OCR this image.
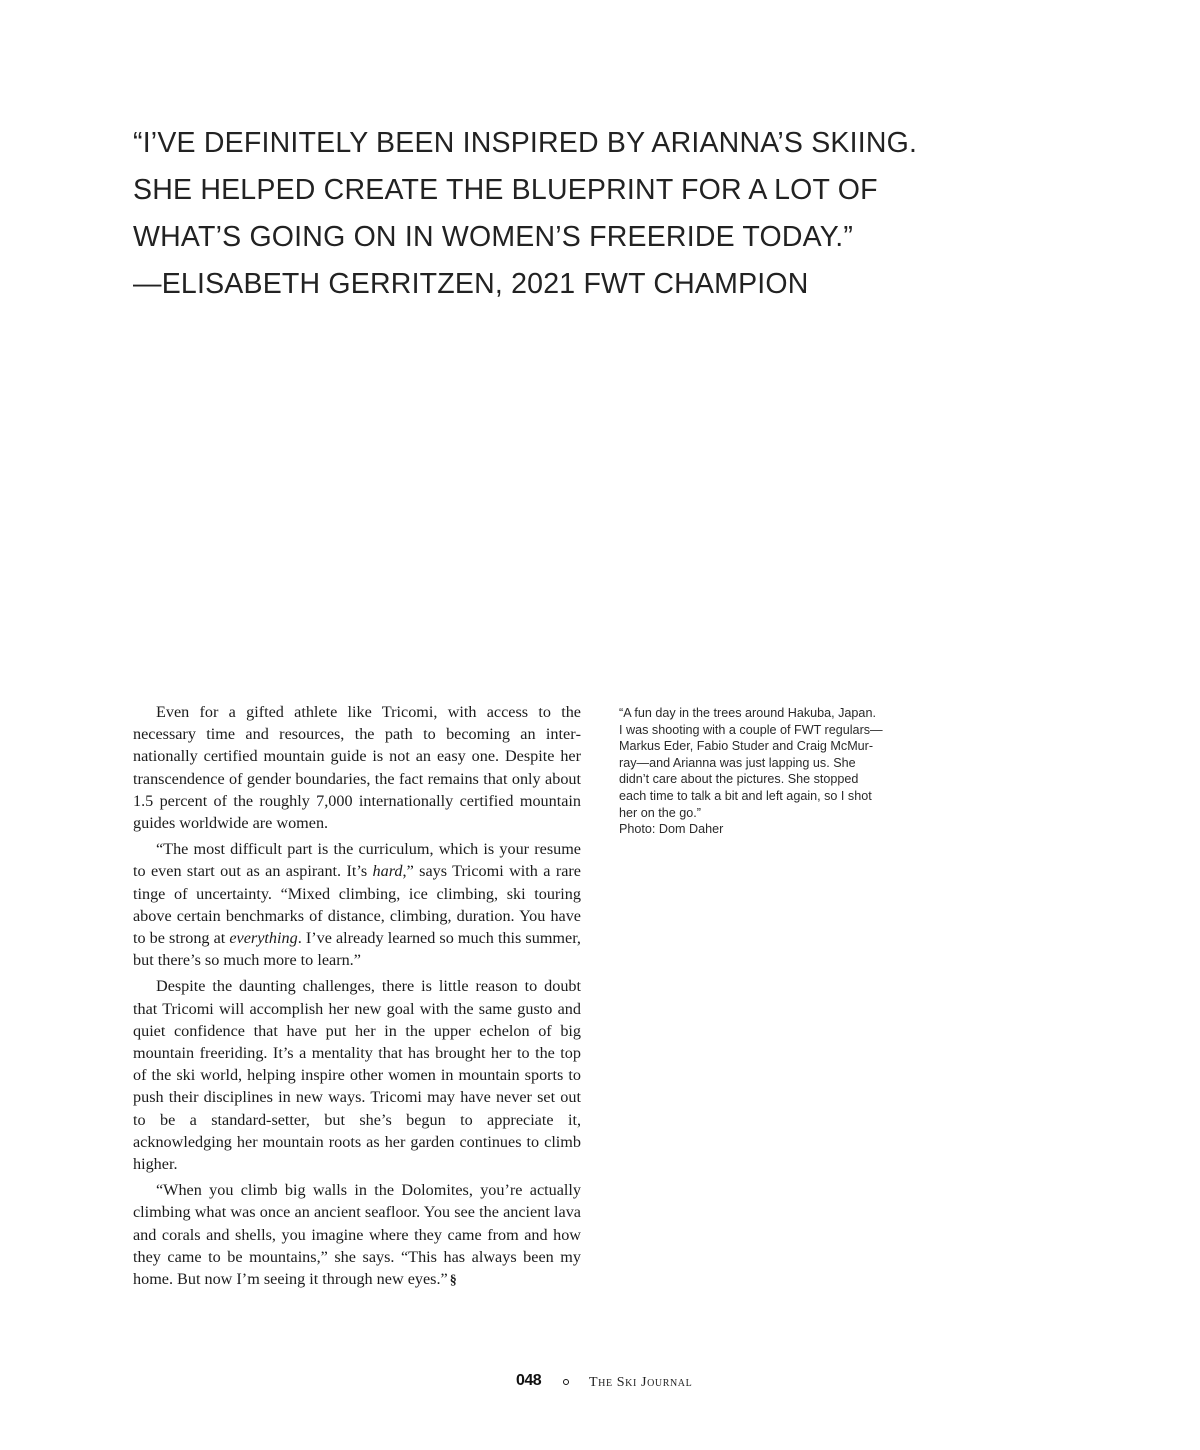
“I’VE DEFINITELY BEEN INSPIRED BY ARIANNA’S SKIING.
SHE HELPED CREATE THE BLUEPRINT FOR A LOT OF
WHAT’S GOING ON IN WOMEN’S FREERIDE TODAY.”
—ELISABETH GERRITZEN, 2021 FWT CHAMPION

Even for a gifted athlete like Tricomi, with access to the necessary time and resources, the path to becoming an internationally certified mountain guide is not an easy one. Despite her transcendence of gender boundaries, the fact remains that only about 1.5 percent of the roughly 7,000 internationally certified mountain guides worldwide are women.

“The most difficult part is the curriculum, which is your resume to even start out as an aspirant. It’s hard,” says Tricomi with a rare tinge of uncertainty. “Mixed climbing, ice climbing, ski touring above certain benchmarks of distance, climbing, duration. You have to be strong at everything. I’ve already learned so much this summer, but there’s so much more to learn.”

Despite the daunting challenges, there is little reason to doubt that Tricomi will accomplish her new goal with the same gusto and quiet confidence that have put her in the upper echelon of big mountain freeriding. It’s a mentality that has brought her to the top of the ski world, helping inspire other women in mountain sports to push their disciplines in new ways. Tricomi may have never set out to be a standard-setter, but she’s begun to appreciate it, acknowledging her mountain roots as her garden continues to climb higher.

“When you climb big walls in the Dolomites, you’re actually climbing what was once an ancient seafloor. You see the ancient lava and corals and shells, you imagine where they came from and how they came to be mountains,” she says. “This has always been my home. But now I’m seeing it through new eyes.” §

“A fun day in the trees around Hakuba, Japan.
I was shooting with a couple of FWT regulars—
Markus Eder, Fabio Studer and Craig McMur-
ray—and Arianna was just lapping us. She
didn’t care about the pictures. She stopped
each time to talk a bit and left again, so I shot
her on the go.”
Photo: Dom Daher
048	The Ski Journal
